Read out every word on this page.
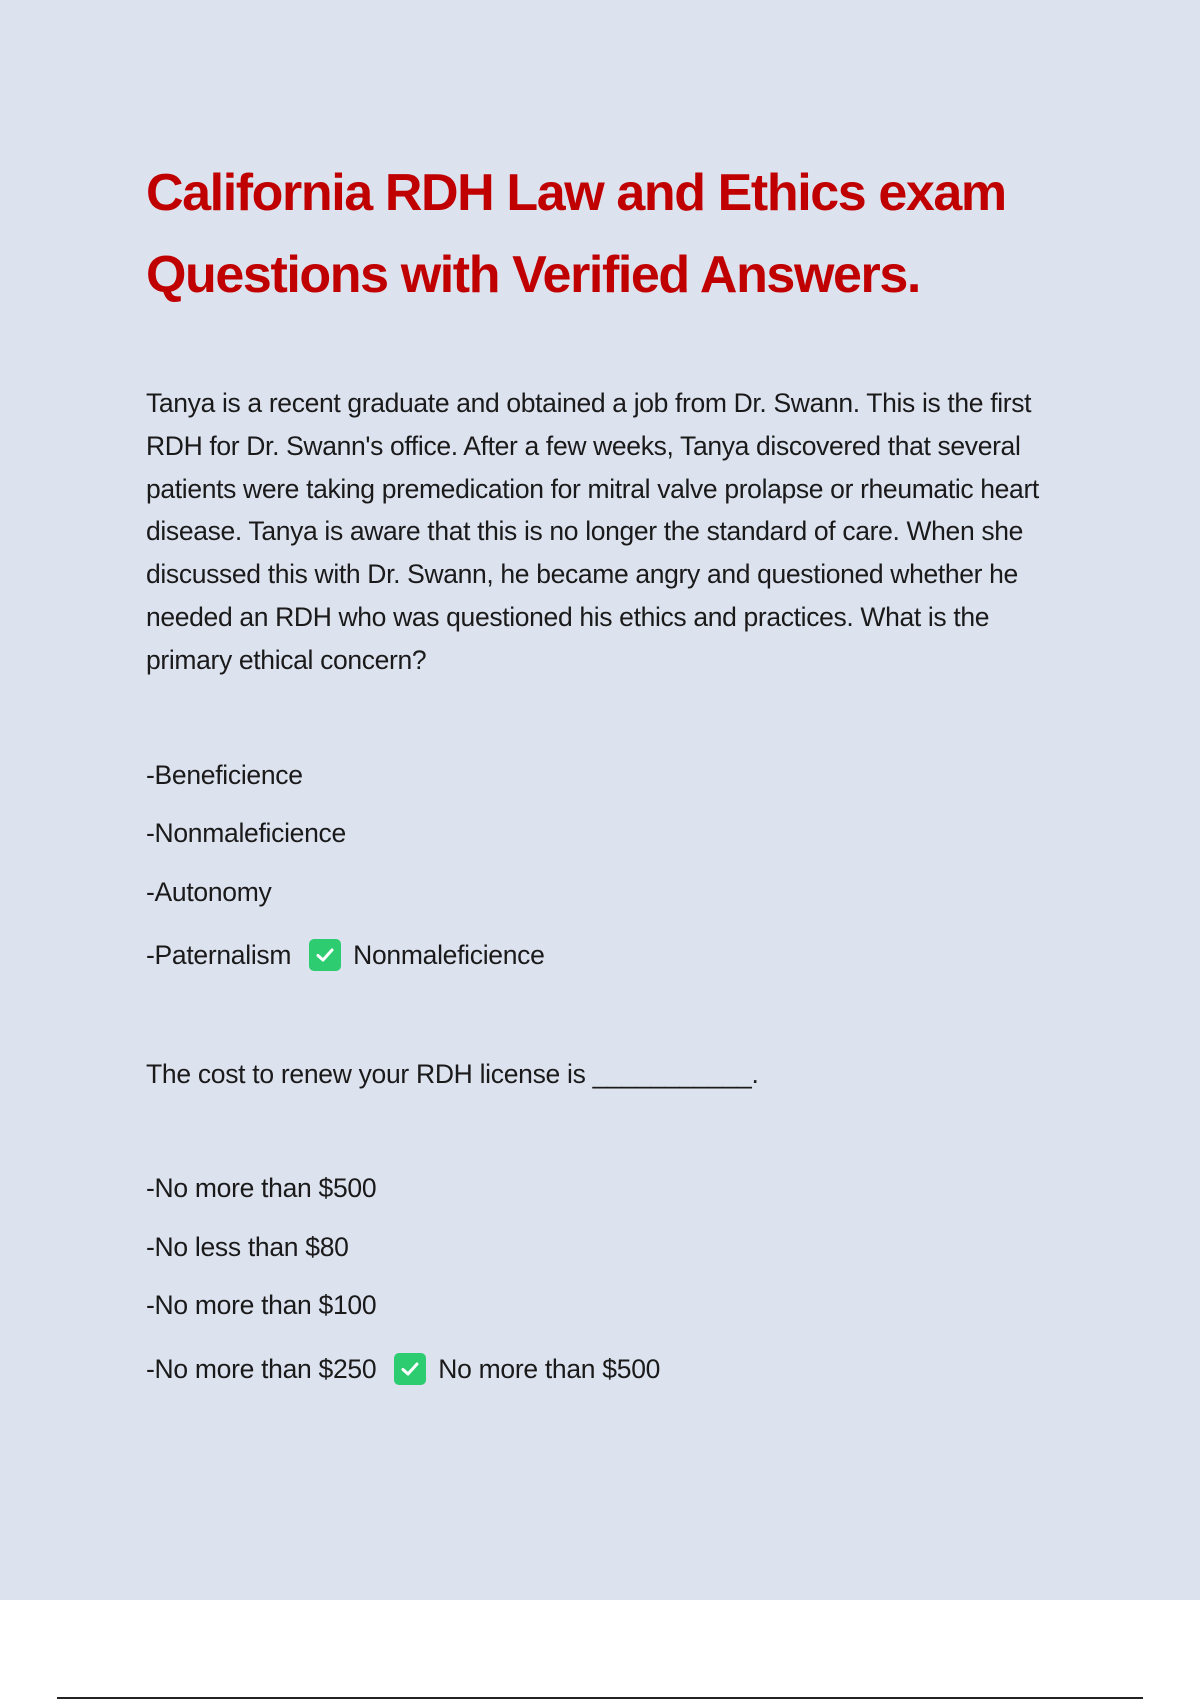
California RDH Law and Ethics exam Questions with Verified Answers.

Tanya is a recent graduate and obtained a job from Dr. Swann. This is the first RDH for Dr. Swann's office. After a few weeks, Tanya discovered that several patients were taking premedication for mitral valve prolapse or rheumatic heart disease. Tanya is aware that this is no longer the standard of care. When she discussed this with Dr. Swann, he became angry and questioned whether he needed an RDH who was questioned his ethics and practices. What is the primary ethical concern?

-Beneficience
-Nonmaleficience
-Autonomy
-Paternalism Nonmaleficience

The cost to renew your RDH license is ___________.

-No more than $500
-No less than $80
-No more than $100
-No more than $250 No more than $500
